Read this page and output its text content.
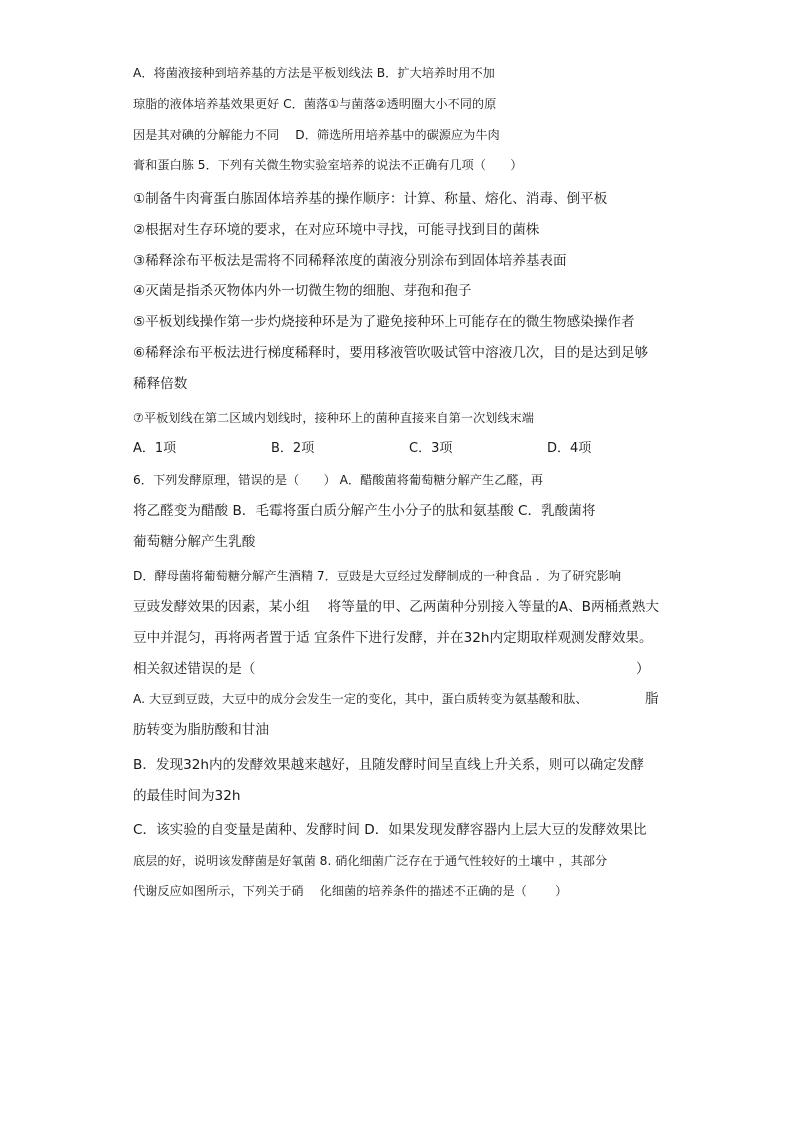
A．将菌液接种到培养基的方法是平板划线法 B．扩大培养时用不加
琼脂的液体培养基效果更好 C．菌落①与菌落②透明圈大小不同的原
因是其对碘的分解能力不同　 D．筛选所用培养基中的碳源应为牛肉
膏和蛋白胨 5．下列有关微生物实验室培养的说法不正确有几项（　　）
①制备牛肉膏蛋白胨固体培养基的操作顺序：计算、称量、熔化、消毒、倒平板
②根据对生存环境的要求，在对应环境中寻找，可能寻找到目的菌株
③稀释涂布平板法是需将不同稀释浓度的菌液分别涂布到固体培养基表面
④灭菌是指杀灭物体内外一切微生物的细胞、芽孢和孢子
⑤平板划线操作第一步灼烧接种环是为了避免接种环上可能存在的微生物感染操作者
⑥稀释涂布平板法进行梯度稀释时，要用移液管吹吸试管中溶液几次，目的是达到足够
稀释倍数
⑦平板划线在第二区域内划线时，接种环上的菌种直接来自第一次划线末端
A．1项	B．2项	C．3项	D．4项
6．下列发酵原理，错误的是（　　） A．醋酸菌将葡萄糖分解产生乙醛，再
将乙醛变为醋酸 B．毛霉将蛋白质分解产生小分子的肽和氨基酸 C．乳酸菌将
葡萄糖分解产生乳酸
D．酵母菌将葡萄糖分解产生酒精 7．豆豉是大豆经过发酵制成的一种食品 ．为了研究影响
豆豉发酵效果的因素，某小组　 将等量的甲、乙两菌种分别接入等量的A、B两桶煮熟大
豆中并混匀，再将两者置于适 宜条件下进行发酵，并在32h内定期取样观测发酵效果。
相关叙述错误的是（	）
A. 大豆到豆豉，大豆中的成分会发生一定的变化，其中，蛋白质转变为氨基酸和肽、	脂
肪转变为脂肪酸和甘油
B．发现32h内的发酵效果越来越好，且随发酵时间呈直线上升关系，则可以确定发酵
的最佳时间为32h
C．该实验的自变量是菌种、发酵时间 D．如果发现发酵容器内上层大豆的发酵效果比
底层的好，说明该发酵菌是好氧菌 8. 硝化细菌广泛存在于通气性较好的土壤中 ，其部分
代谢反应如图所示，下列关于硝　 化细菌的培养条件的描述不正确的是（　　 ）
